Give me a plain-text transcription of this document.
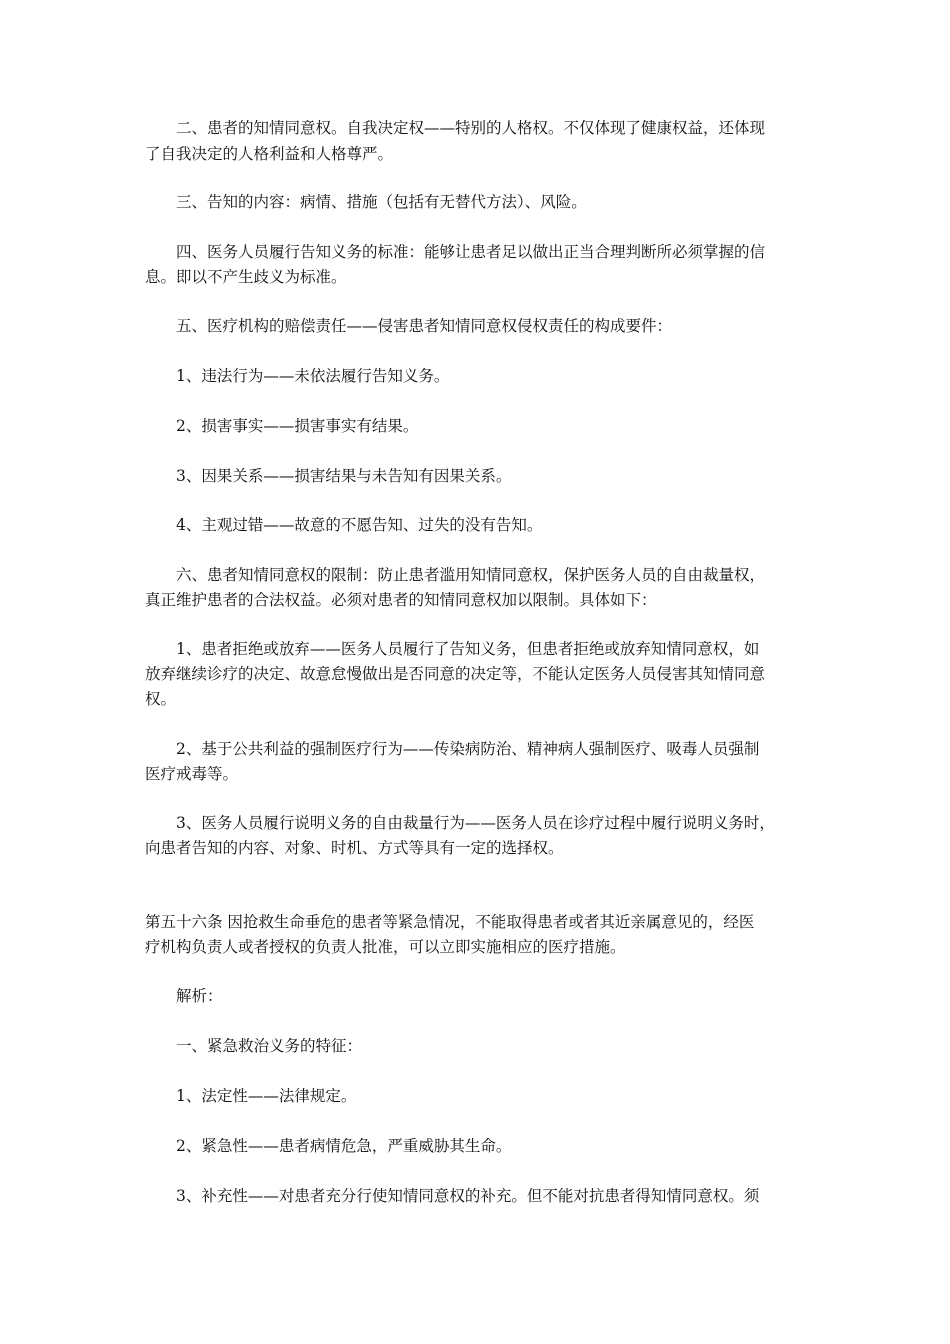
二、患者的知情同意权。自我决定权——特别的人格权。不仅体现了健康权益，还体现
了自我决定的人格利益和人格尊严。
三、告知的内容：病情、措施（包括有无替代方法）、风险。
四、医务人员履行告知义务的标准：能够让患者足以做出正当合理判断所必须掌握的信
息。即以不产生歧义为标准。
五、医疗机构的赔偿责任——侵害患者知情同意权侵权责任的构成要件：
1、违法行为——未依法履行告知义务。
2、损害事实——损害事实有结果。
3、因果关系——损害结果与未告知有因果关系。
4、主观过错——故意的不愿告知、过失的没有告知。
六、患者知情同意权的限制：防止患者滥用知情同意权，保护医务人员的自由裁量权，
真正维护患者的合法权益。必须对患者的知情同意权加以限制。具体如下：
1、患者拒绝或放弃——医务人员履行了告知义务，但患者拒绝或放弃知情同意权，如
放弃继续诊疗的决定、故意怠慢做出是否同意的决定等，不能认定医务人员侵害其知情同意
权。
2、基于公共利益的强制医疗行为——传染病防治、精神病人强制医疗、吸毒人员强制
医疗戒毒等。
3、医务人员履行说明义务的自由裁量行为——医务人员在诊疗过程中履行说明义务时，
向患者告知的内容、对象、时机、方式等具有一定的选择权。
第五十六条 因抢救生命垂危的患者等紧急情况，不能取得患者或者其近亲属意见的，经医
疗机构负责人或者授权的负责人批准，可以立即实施相应的医疗措施。
解析：
一、紧急救治义务的特征：
1、法定性——法律规定。
2、紧急性——患者病情危急，严重威胁其生命。
3、补充性——对患者充分行使知情同意权的补充。但不能对抗患者得知情同意权。须
